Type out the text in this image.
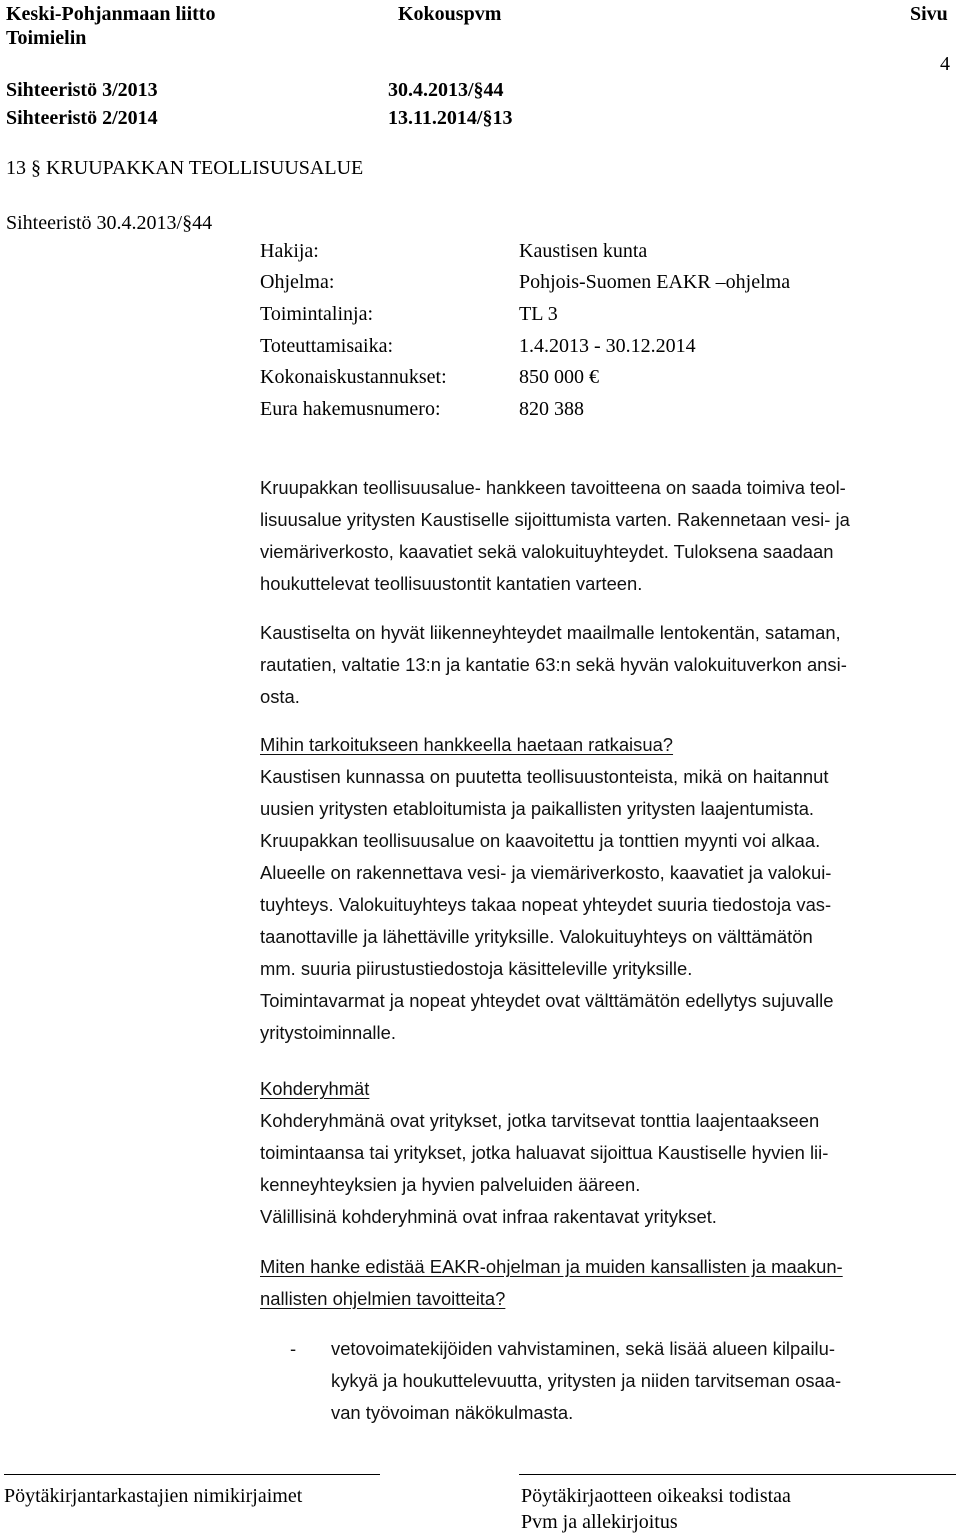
Keski-Pohjanmaan liitto
Toimielin
Kokouspvm	Sivu
4
Sihteeristö 3/2013	30.4.2013/§44
Sihteeristö 2/2014	13.11.2014/§13
13 § KRUUPAKKAN TEOLLISUUSALUE
Sihteeristö 30.4.2013/§44
Hakija:	Kaustisen kunta
Ohjelma:	Pohjois-Suomen EAKR –ohjelma
Toimintalinja:	TL 3
Toteuttamisaika:	1.4.2013 - 30.12.2014
Kokonaiskustannukset:	850 000 €
Eura hakemusnumero:	820 388
Kruupakkan teollisuusalue- hankkeen tavoitteena on saada toimiva teol-
lisuusalue yritysten Kaustiselle sijoittumista varten. Rakennetaan vesi- ja
viemäriverkosto, kaavatiet sekä valokuituyhteydet. Tuloksena saadaan
houkuttelevat teollisuustontit kantatien varteen.
Kaustiselta on hyvät liikenneyhteydet maailmalle lentokentän, sataman,
rautatien, valtatie 13:n ja kantatie 63:n sekä hyvän valokuituverkon ansi-
osta.
Mihin tarkoitukseen hankkeella haetaan ratkaisua?
Kaustisen kunnassa on puutetta teollisuustonteista, mikä on haitannut
uusien yritysten etabloitumista ja paikallisten yritysten laajentumista.
Kruupakkan teollisuusalue on kaavoitettu ja tonttien myynti voi alkaa.
Alueelle on rakennettava vesi- ja viemäriverkosto, kaavatiet ja valokui-
tuyhteys. Valokuituyhteys takaa nopeat yhteydet suuria tiedostoja vas-
taanottaville ja lähettäville yrityksille. Valokuituyhteys on välttämätön
mm. suuria piirustustiedostoja käsitteleville yrityksille.
Toimintavarmat ja nopeat yhteydet ovat välttämätön edellytys sujuvalle
yritystoiminnalle.
Kohderyhmät
Kohderyhmänä ovat yritykset, jotka tarvitsevat tonttia laajentaakseen
toimintaansa tai yritykset, jotka haluavat sijoittua Kaustiselle hyvien lii-
kenneyhteyksien ja hyvien palveluiden ääreen.
Välillisinä kohderyhminä ovat infraa rakentavat yritykset.
Miten hanke edistää EAKR-ohjelman ja muiden kansallisten ja maakun-
nallisten ohjelmien tavoitteita?
- vetovoimatekijöiden vahvistaminen, sekä lisää alueen kilpailu-
kykyä ja houkuttelevuutta, yritysten ja niiden tarvitseman osaa-
van työvoiman näkökulmasta.
Pöytäkirjantarkastajien nimikirjaimet	Pöytäkirjaotteen oikeaksi todistaa
Pvm ja allekirjoitus
